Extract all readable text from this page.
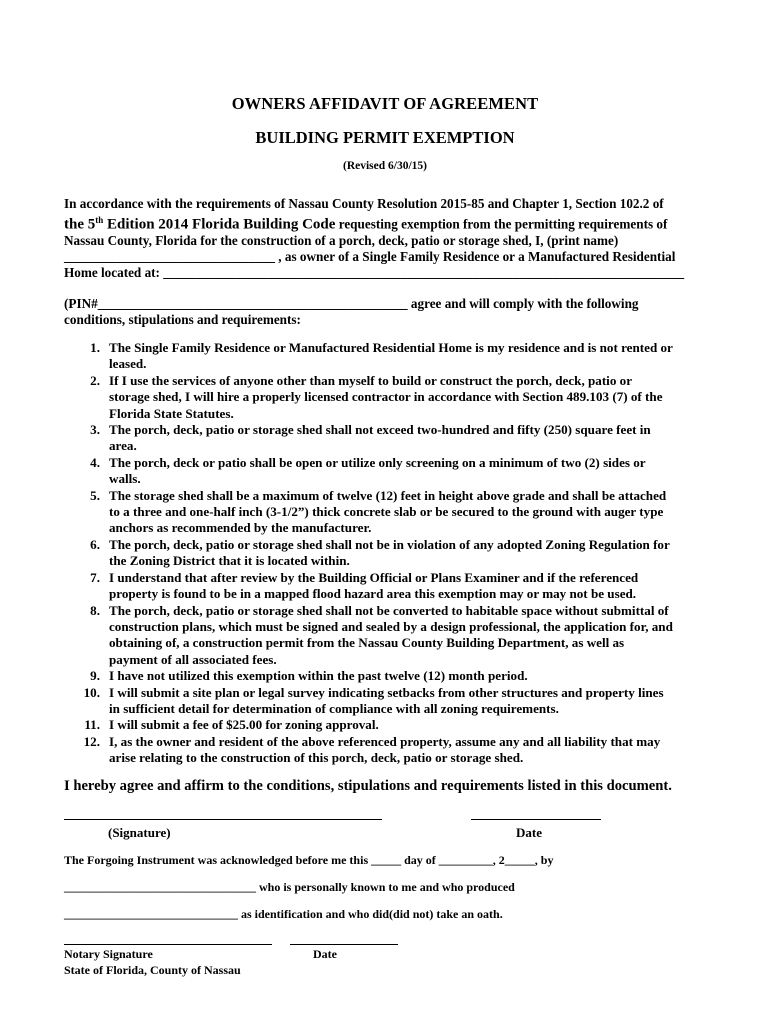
OWNERS AFFIDAVIT OF AGREEMENT
BUILDING PERMIT EXEMPTION
(Revised 6/30/15)
In accordance with the requirements of Nassau County Resolution 2015-85 and Chapter 1, Section 102.2 of
the 5th Edition 2014 Florida Building Code requesting exemption from the permitting requirements of
Nassau County, Florida for the construction of a porch, deck, patio or storage shed, I, (print name)
________________________________ , as owner of a Single Family Residence or a Manufactured Residential
Home located at: _______________________________________________________________________________
(PIN#_______________________________________________ agree and will comply with the following
conditions, stipulations and requirements:
1. The Single Family Residence or Manufactured Residential Home is my residence and is not rented or
leased.
2. If I use the services of anyone other than myself to build or construct the porch, deck, patio or
storage shed, I will hire a properly licensed contractor in accordance with Section 489.103 (7) of the
Florida State Statutes.
3. The porch, deck, patio or storage shed shall not exceed two-hundred and fifty (250) square feet in
area.
4. The porch, deck or patio shall be open or utilize only screening on a minimum of two (2) sides or
walls.
5. The storage shed shall be a maximum of twelve (12) feet in height above grade and shall be attached
to a three and one-half inch (3-1/2”) thick concrete slab or be secured to the ground with auger type
anchors as recommended by the manufacturer.
6. The porch, deck, patio or storage shed shall not be in violation of any adopted Zoning Regulation for
the Zoning District that it is located within.
7. I understand that after review by the Building Official or Plans Examiner and if the referenced
property is found to be in a mapped flood hazard area this exemption may or may not be used.
8. The porch, deck, patio or storage shed shall not be converted to habitable space without submittal of
construction plans, which must be signed and sealed by a design professional, the application for, and
obtaining of, a construction permit from the Nassau County Building Department, as well as
payment of all associated fees.
9. I have not utilized this exemption within the past twelve (12) month period.
10. I will submit a site plan or legal survey indicating setbacks from other structures and property lines
in sufficient detail for determination of compliance with all zoning requirements.
11. I will submit a fee of $25.00 for zoning approval.
12. I, as the owner and resident of the above referenced property, assume any and all liability that may
arise relating to the construction of this porch, deck, patio or storage shed.
I hereby agree and affirm to the conditions, stipulations and requirements listed in this document.
(Signature)	Date
The Forgoing Instrument was acknowledged before me this _____ day of _________, 2_____, by
________________________________ who is personally known to me and who produced
_____________________________ as identification and who did(did not) take an oath.
Notary Signature	Date
State of Florida, County of Nassau
